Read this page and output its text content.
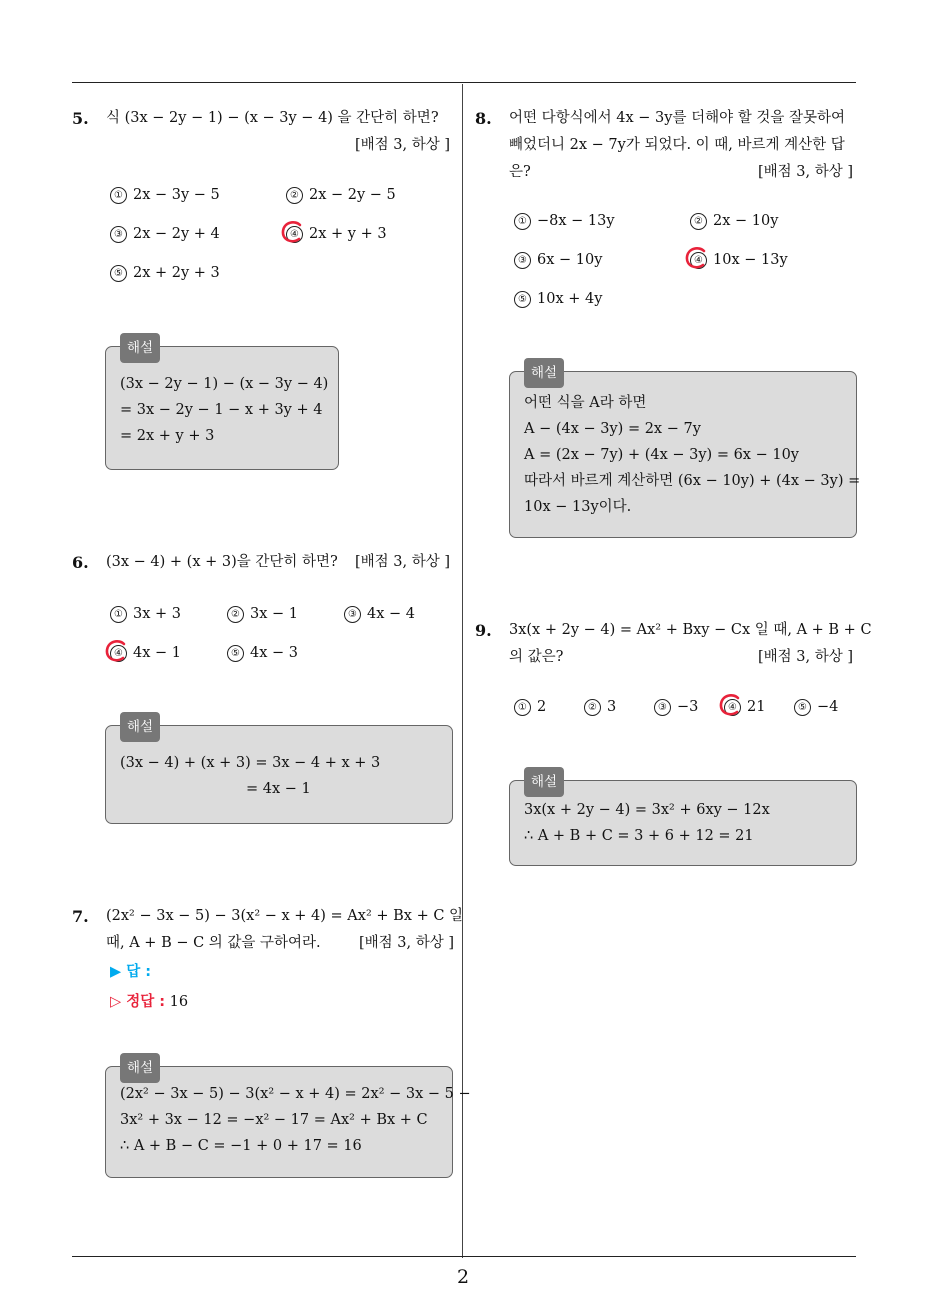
2
5. 식 (3x − 2y − 1) − (x − 3y − 4) 을 간단히 하면?
[배점 3, 하상 ]
① 2x − 3y − 5	② 2x − 2y − 5
③ 2x − 2y + 4	④ 2x + y + 3
⑤ 2x + 2y + 3
해설
(3x − 2y − 1) − (x − 3y − 4)
= 3x − 2y − 1 − x + 3y + 4
= 2x + y + 3
6. (3x − 4) + (x + 3)을 간단히 하면? [배점 3, 하상 ]
① 3x + 3	② 3x − 1	③ 4x − 4
④ 4x − 1	⑤ 4x − 3
해설
(3x − 4) + (x + 3) = 3x − 4 + x + 3
= 4x − 1
7. (2x² − 3x − 5) − 3(x² − x + 4) = Ax² + Bx + C 일
때, A + B − C 의 값을 구하여라.	[배점 3, 하상 ]
▶ 답 :
▷ 정답 : 16
해설
(2x² − 3x − 5) − 3(x² − x + 4) = 2x² − 3x − 5 −
3x² + 3x − 12 = −x² − 17 = Ax² + Bx + C
∴ A + B − C = −1 + 0 + 17 = 16
8. 어떤 다항식에서 4x − 3y를 더해야 할 것을 잘못하여
빼었더니 2x − 7y가 되었다. 이 때, 바르게 계산한 답
은?	[배점 3, 하상 ]
① −8x − 13y	② 2x − 10y
③ 6x − 10y	④ 10x − 13y
⑤ 10x + 4y
해설
어떤 식을 A라 하면
A − (4x − 3y) = 2x − 7y
A = (2x − 7y) + (4x − 3y) = 6x − 10y
따라서 바르게 계산하면 (6x − 10y) + (4x − 3y) =
10x − 13y이다.
9. 3x(x + 2y − 4) = Ax² + Bxy − Cx 일 때, A + B + C
의 값은?	[배점 3, 하상 ]
① 2	② 3	③ −3	④ 21	⑤ −4
해설
3x(x + 2y − 4) = 3x² + 6xy − 12x
∴ A + B + C = 3 + 6 + 12 = 21
